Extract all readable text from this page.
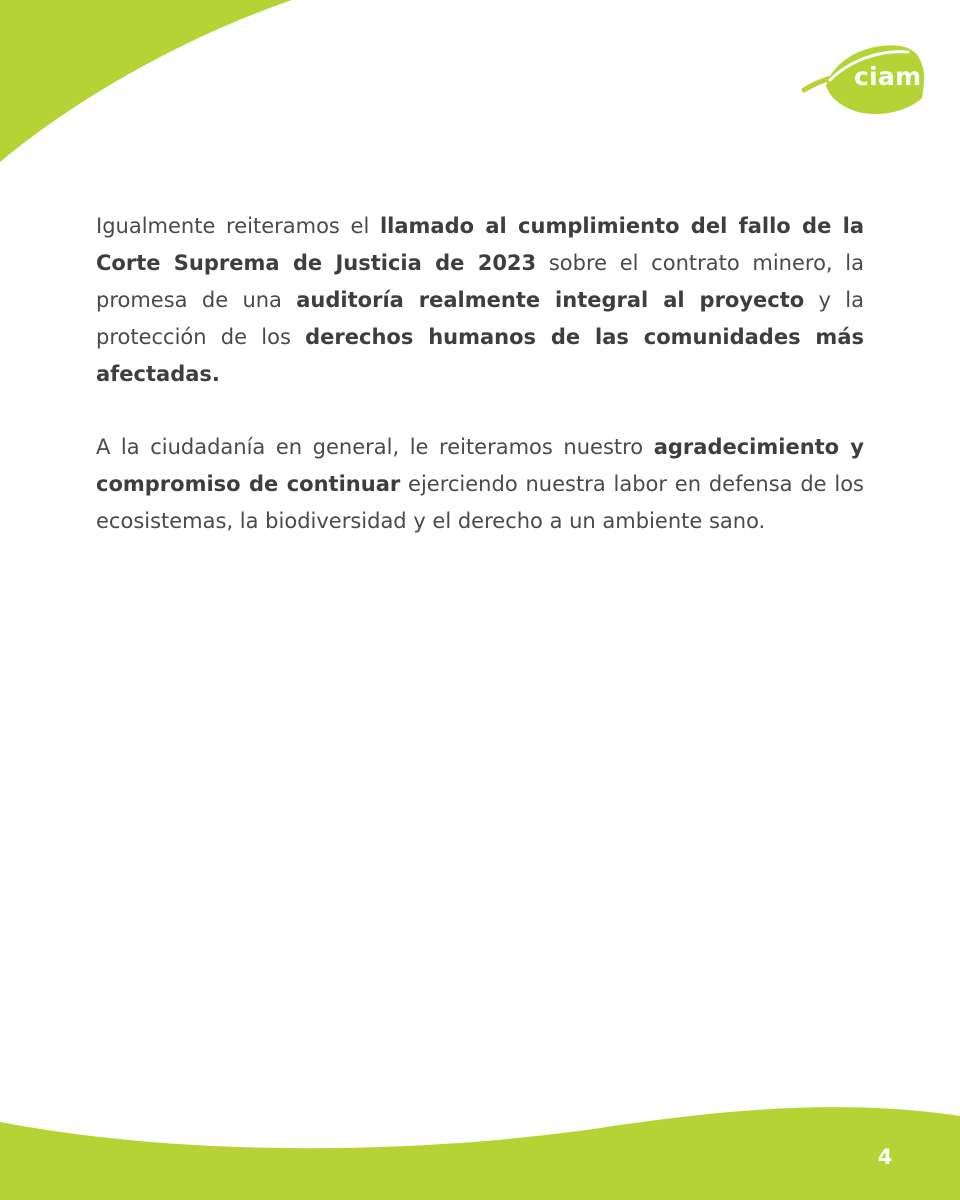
ciam

Igualmente reiteramos el llamado al cumplimiento del fallo de la Corte Suprema de Justicia de 2023 sobre el contrato minero, la promesa de una auditoría realmente integral al proyecto y la protección de los derechos humanos de las comunidades más afectadas.

A la ciudadanía en general, le reiteramos nuestro agradecimiento y compromiso de continuar ejerciendo nuestra labor en defensa de los ecosistemas, la biodiversidad y el derecho a un ambiente sano.

4
